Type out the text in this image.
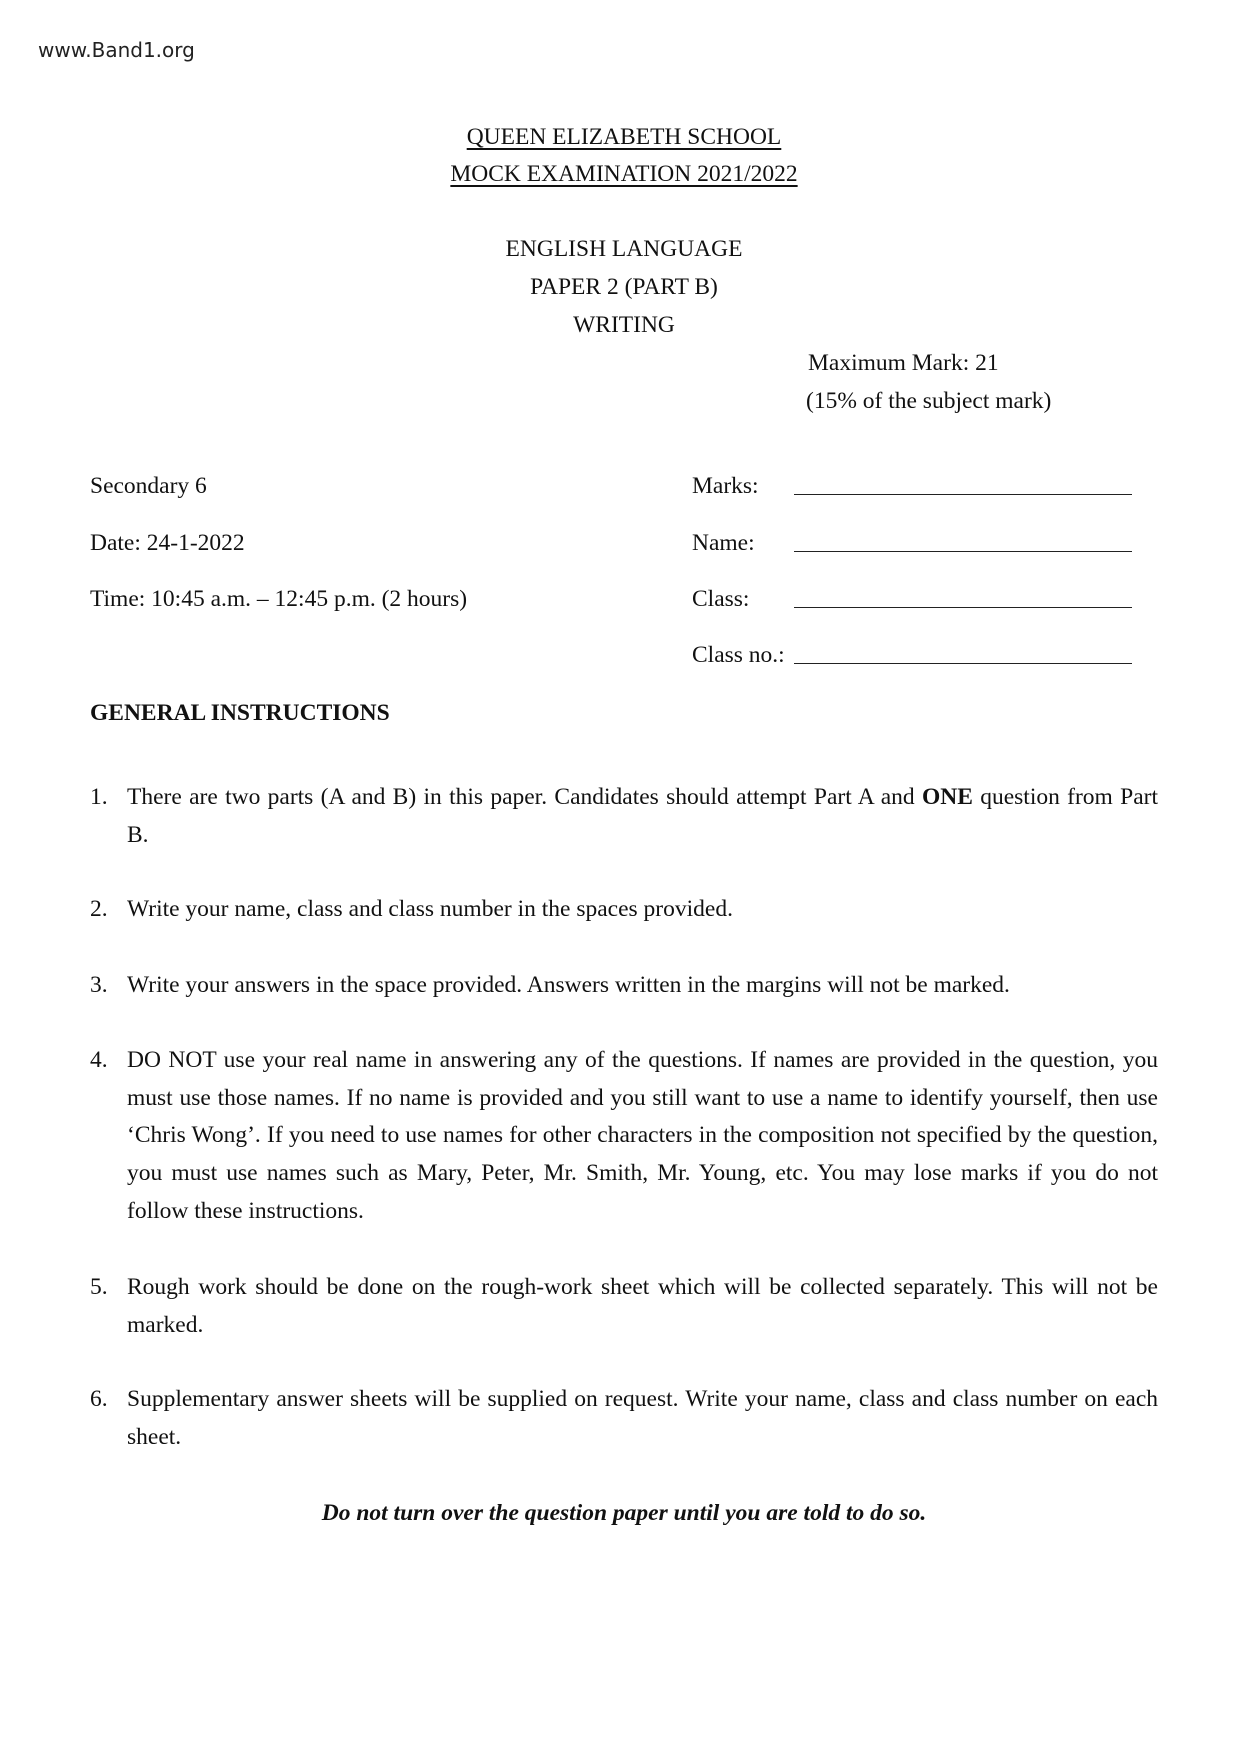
www.Band1.org
QUEEN ELIZABETH SCHOOL
MOCK EXAMINATION 2021/2022
ENGLISH LANGUAGE
PAPER 2 (PART B)
WRITING
Maximum Mark: 21
(15% of the subject mark)
Secondary 6
Date: 24-1-2022
Time: 10:45 a.m. – 12:45 p.m. (2 hours)
Marks:
Name:
Class:
Class no.:
GENERAL INSTRUCTIONS
1. There are two parts (A and B) in this paper. Candidates should attempt Part A and ONE question from Part B.
2. Write your name, class and class number in the spaces provided.
3. Write your answers in the space provided. Answers written in the margins will not be marked.
4. DO NOT use your real name in answering any of the questions. If names are provided in the question, you must use those names. If no name is provided and you still want to use a name to identify yourself, then use ‘Chris Wong’. If you need to use names for other characters in the composition not specified by the question, you must use names such as Mary, Peter, Mr. Smith, Mr. Young, etc. You may lose marks if you do not follow these instructions.
5. Rough work should be done on the rough-work sheet which will be collected separately. This will not be marked.
6. Supplementary answer sheets will be supplied on request. Write your name, class and class number on each sheet.
Do not turn over the question paper until you are told to do so.
